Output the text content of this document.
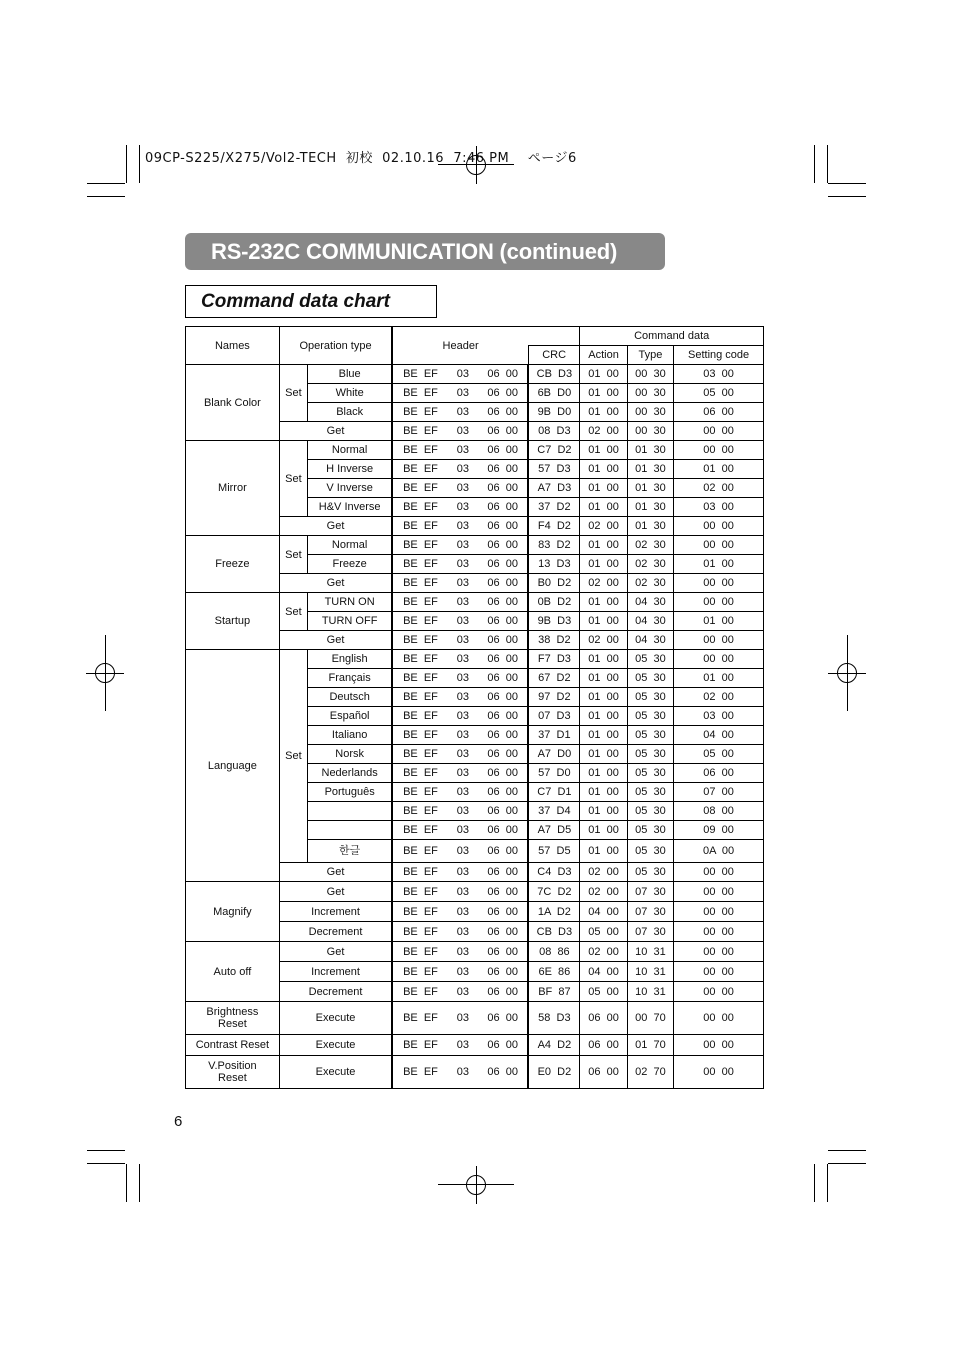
09CP-S225/X275/Vol2-TECH  初校  02.10.16  7:46 PM    ページ6
RS-232C COMMUNICATION (continued)
Command data chart
Names	Operation type		Header				Command data		
						CRC	Action	Type	Setting code
Blank Color	Set	Blue	BE  EF	03	06  00	CB  D3	01  00	00  30	03  00
		White	BE  EF	03	06  00	6B  D0	01  00	00  30	05  00
		Black	BE  EF	03	06  00	9B  D0	01  00	00  30	06  00
	Get		BE  EF	03	06  00	08  D3	02  00	00  30	00  00
Mirror	Set	Normal	BE  EF	03	06  00	C7  D2	01  00	01  30	00  00
		H Inverse	BE  EF	03	06  00	57  D3	01  00	01  30	01  00
		V Inverse	BE  EF	03	06  00	A7  D3	01  00	01  30	02  00
		H&V Inverse	BE  EF	03	06  00	37  D2	01  00	01  30	03  00
	Get		BE  EF	03	06  00	F4  D2	02  00	01  30	00  00
Freeze	Set	Normal	BE  EF	03	06  00	83  D2	01  00	02  30	00  00
		Freeze	BE  EF	03	06  00	13  D3	01  00	02  30	01  00
	Get		BE  EF	03	06  00	B0  D2	02  00	02  30	00  00
Startup	Set	TURN ON	BE  EF	03	06  00	0B  D2	01  00	04  30	00  00
		TURN OFF	BE  EF	03	06  00	9B  D3	01  00	04  30	01  00
	Get		BE  EF	03	06  00	38  D2	02  00	04  30	00  00
Language	Set	English	BE  EF	03	06  00	F7  D3	01  00	05  30	00  00
		Français	BE  EF	03	06  00	67  D2	01  00	05  30	01  00
		Deutsch	BE  EF	03	06  00	97  D2	01  00	05  30	02  00
		Español	BE  EF	03	06  00	07  D3	01  00	05  30	03  00
		Italiano	BE  EF	03	06  00	37  D1	01  00	05  30	04  00
		Norsk	BE  EF	03	06  00	A7  D0	01  00	05  30	05  00
		Nederlands	BE  EF	03	06  00	57  D0	01  00	05  30	06  00
		Português	BE  EF	03	06  00	C7  D1	01  00	05  30	07  00
			BE  EF	03	06  00	37  D4	01  00	05  30	08  00
			BE  EF	03	06  00	A7  D5	01  00	05  30	09  00
		한글	BE  EF	03	06  00	57  D5	01  00	05  30	0A  00
	Get		BE  EF	03	06  00	C4  D3	02  00	05  30	00  00
Magnify	Get		BE  EF	03	06  00	7C  D2	02  00	07  30	00  00
	Increment		BE  EF	03	06  00	1A  D2	04  00	07  30	00  00
	Decrement		BE  EF	03	06  00	CB  D3	05  00	07  30	00  00
Auto off	Get		BE  EF	03	06  00	08  86	02  00	10  31	00  00
	Increment		BE  EF	03	06  00	6E  86	04  00	10  31	00  00
	Decrement		BE  EF	03	06  00	BF  87	05  00	10  31	00  00
Brightness
Reset	Execute		BE  EF	03	06  00	58  D3	06  00	00  70	00  00
Contrast Reset	Execute		BE  EF	03	06  00	A4  D2	06  00	01  70	00  00
V.Position
Reset	Execute		BE  EF	03	06  00	E0  D2	06  00	02  70	00  00
6
